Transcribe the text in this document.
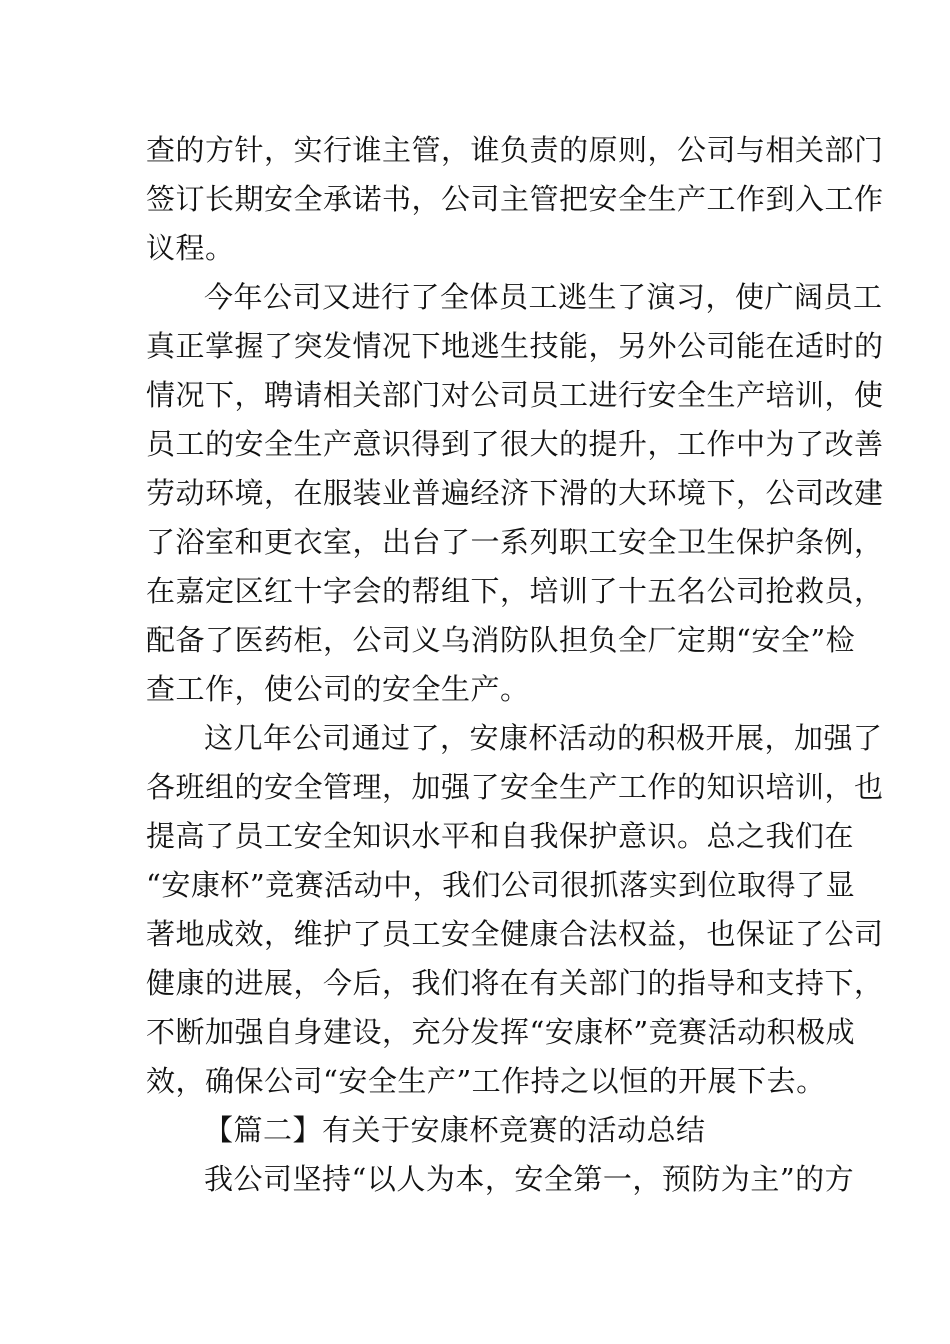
查的方针，实行谁主管，谁负责的原则，公司与相关部门
签订长期安全承诺书，公司主管把安全生产工作到入工作
议程。
今年公司又进行了全体员工逃生了演习，使广阔员工
真正掌握了突发情况下地逃生技能，另外公司能在适时的
情况下，聘请相关部门对公司员工进行安全生产培训，使
员工的安全生产意识得到了很大的提升，工作中为了改善
劳动环境，在服装业普遍经济下滑的大环境下，公司改建
了浴室和更衣室，出台了一系列职工安全卫生保护条例，
在嘉定区红十字会的帮组下，培训了十五名公司抢救员，
配备了医药柜，公司义乌消防队担负全厂定期“安全”检
查工作，使公司的安全生产。
这几年公司通过了，安康杯活动的积极开展，加强了
各班组的安全管理，加强了安全生产工作的知识培训，也
提高了员工安全知识水平和自我保护意识。总之我们在
“安康杯”竞赛活动中，我们公司很抓落实到位取得了显
著地成效，维护了员工安全健康合法权益，也保证了公司
健康的进展，今后，我们将在有关部门的指导和支持下，
不断加强自身建设，充分发挥“安康杯”竞赛活动积极成
效，确保公司“安全生产”工作持之以恒的开展下去。
【篇二】有关于安康杯竞赛的活动总结
我公司坚持“以人为本，安全第一，预防为主”的方
